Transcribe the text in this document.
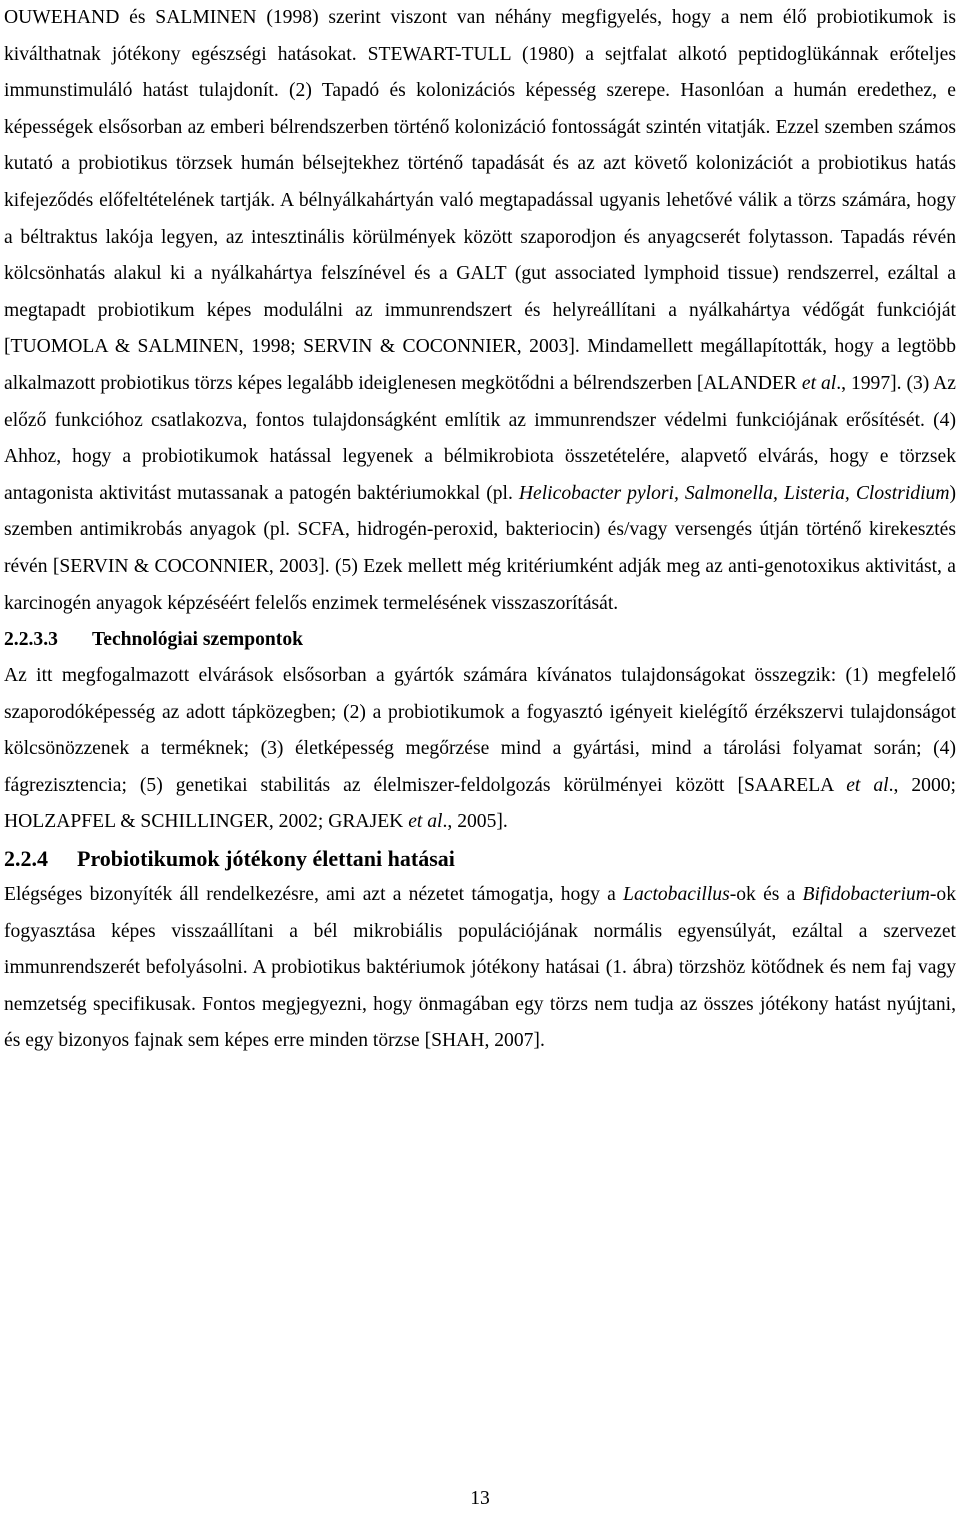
OUWEHAND és SALMINEN (1998) szerint viszont van néhány megfigyelés, hogy a nem élő probiotikumok is kiválthatnak jótékony egészségi hatásokat. STEWART-TULL (1980) a sejtfalat alkotó peptidoglükánnak erőteljes immunstimuláló hatást tulajdonít. (2) Tapadó és kolonizációs képesség szerepe. Hasonlóan a humán eredethez, e képességek elsősorban az emberi bélrendszerben történő kolonizáció fontosságát szintén vitatják. Ezzel szemben számos kutató a probiotikus törzsek humán bélsejtekhez történő tapadását és az azt követő kolonizációt a probiotikus hatás kifejeződés előfeltételének tartják. A bélnyálkahártyán való megtapadással ugyanis lehetővé válik a törzs számára, hogy a béltraktus lakója legyen, az intesztinális körülmények között szaporodjon és anyagcserét folytasson. Tapadás révén kölcsönhatás alakul ki a nyálkahártya felszínével és a GALT (gut associated lymphoid tissue) rendszerrel, ezáltal a megtapadt probiotikum képes modulálni az immunrendszert és helyreállítani a nyálkahártya védőgát funkcióját [TUOMOLA & SALMINEN, 1998; SERVIN & COCONNIER, 2003]. Mindamellett megállapították, hogy a legtöbb alkalmazott probiotikus törzs képes legalább ideiglenesen megkötődni a bélrendszerben [ALANDER et al., 1997]. (3) Az előző funkcióhoz csatlakozva, fontos tulajdonságként említik az immunrendszer védelmi funkciójának erősítését. (4) Ahhoz, hogy a probiotikumok hatással legyenek a bélmikrobiota összetételére, alapvető elvárás, hogy e törzsek antagonista aktivitást mutassanak a patogén baktériumokkal (pl. Helicobacter pylori, Salmonella, Listeria, Clostridium) szemben antimikrobás anyagok (pl. SCFA, hidrogén-peroxid, bakteriocin) és/vagy versengés útján történő kirekesztés révén [SERVIN & COCONNIER, 2003]. (5) Ezek mellett még kritériumként adják meg az anti-genotoxikus aktivitást, a karcinogén anyagok képzéséért felelős enzimek termelésének visszaszorítását.

2.2.3.3 Technológiai szempontok

Az itt megfogalmazott elvárások elsősorban a gyártók számára kívánatos tulajdonságokat összegzik: (1) megfelelő szaporodóképesség az adott tápközegben; (2) a probiotikumok a fogyasztó igényeit kielégítő érzékszervi tulajdonságot kölcsönözzenek a terméknek; (3) életképesség megőrzése mind a gyártási, mind a tárolási folyamat során; (4) fágrezisztencia; (5) genetikai stabilitás az élelmiszer-feldolgozás körülményei között [SAARELA et al., 2000; HOLZAPFEL & SCHILLINGER, 2002; GRAJEK et al., 2005].

2.2.4 Probiotikumok jótékony élettani hatásai

Elégséges bizonyíték áll rendelkezésre, ami azt a nézetet támogatja, hogy a Lactobacillus-ok és a Bifidobacterium-ok fogyasztása képes visszaállítani a bél mikrobiális populációjának normális egyensúlyát, ezáltal a szervezet immunrendszerét befolyásolni. A probiotikus baktériumok jótékony hatásai (1. ábra) törzshöz kötődnek és nem faj vagy nemzetség specifikusak. Fontos megjegyezni, hogy önmagában egy törzs nem tudja az összes jótékony hatást nyújtani, és egy bizonyos fajnak sem képes erre minden törzse [SHAH, 2007].

13
